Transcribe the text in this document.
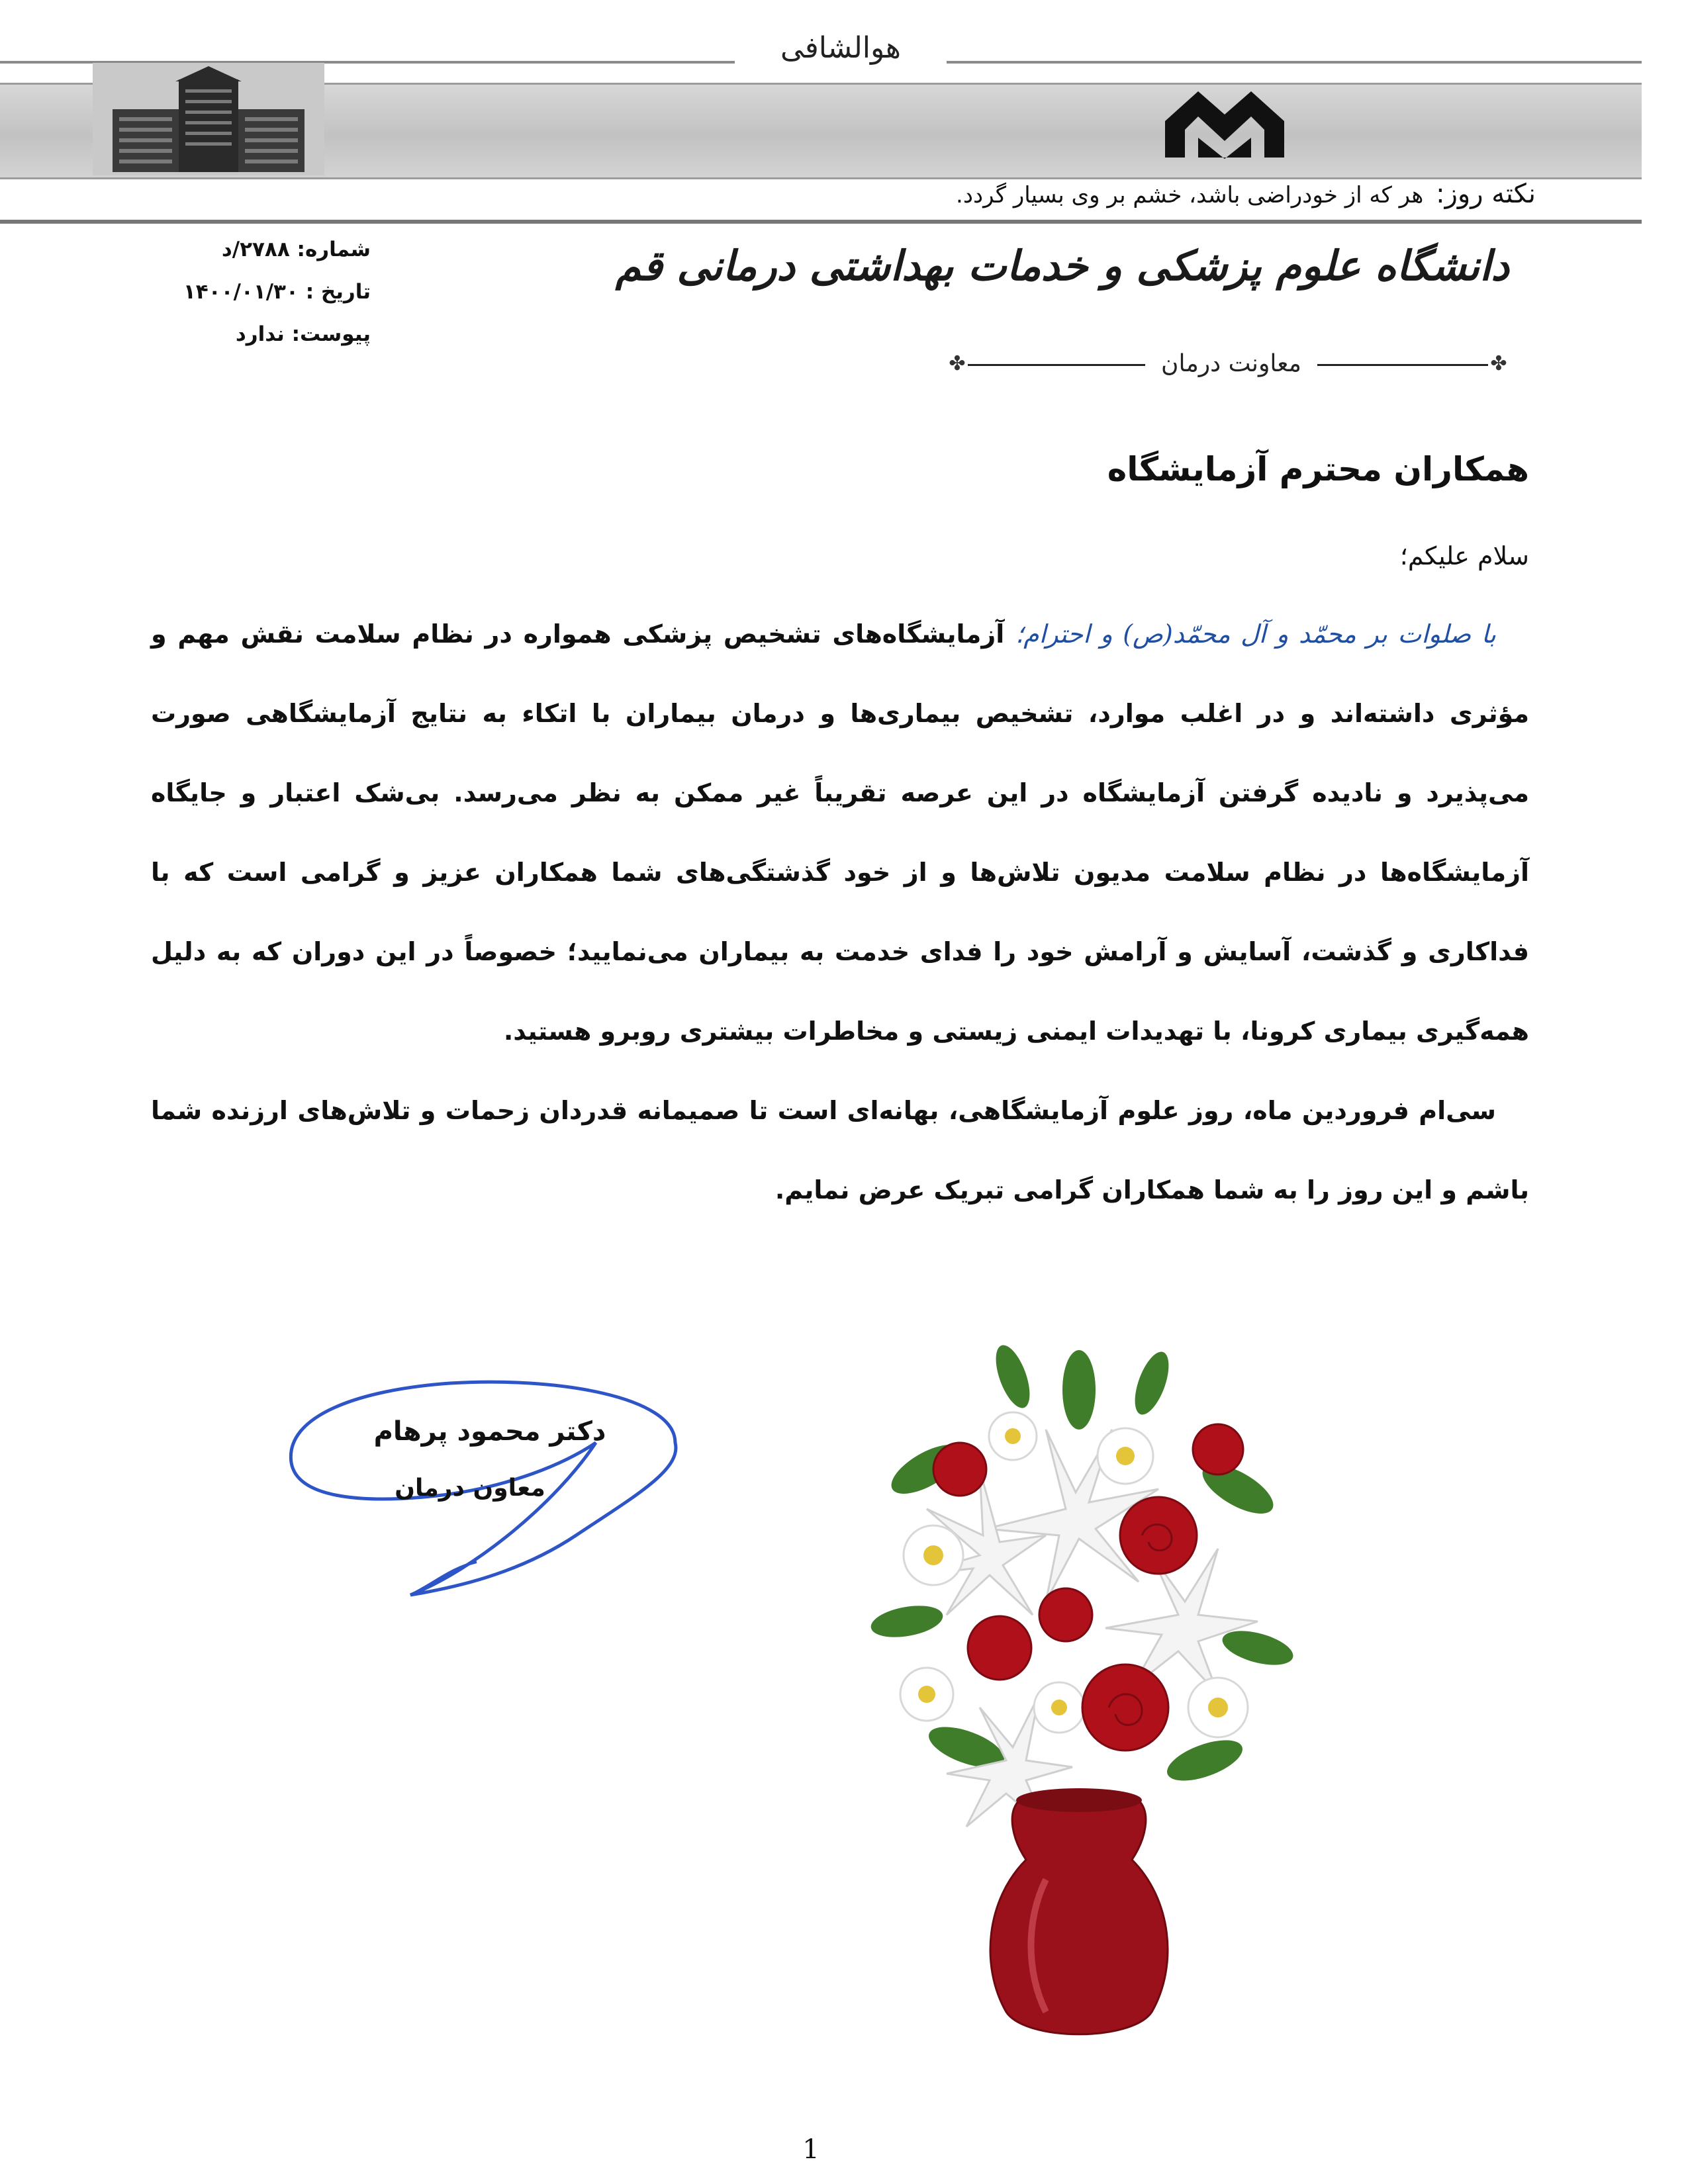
هوالشافی
نکته روز: هر که از خودراضی باشد، خشم بر وی بسیار گردد.
شماره: ۲۷۸۸/د
تاریخ : ۱۴۰۰/۰۱/۳۰
پیوست: ندارد
دانشگاه علوم پزشکی و خدمات بهداشتی درمانی قم
✤
✤	معاونت درمان
همکاران محترم آزمایشگاه
سلام علیکم؛
با صلوات بر محمّد و آل محمّد(ص) و احترام؛ آزمایشگاه‌های تشخیص پزشکی همواره در نظام سلامت نقش مهم و مؤثری داشته‌اند و در اغلب موارد، تشخیص بیماری‌ها و درمان بیماران با اتکاء به نتایج آزمایشگاهی صورت می‌پذیرد و نادیده گرفتن آزمایشگاه در این عرصه تقریباً غیر ممکن به نظر می‌رسد. بی‌شک اعتبار و جایگاه آزمایشگاه‌ها در نظام سلامت مدیون تلاش‌ها و از خود گذشتگی‌های شما همکاران عزیز و گرامی است که با فداکاری و گذشت، آسایش و آرامش خود را فدای خدمت به بیماران می‌نمایید؛ خصوصاً در این دوران که به دلیل همه‌گیری بیماری کرونا، با تهدیدات ایمنی زیستی و مخاطرات بیشتری روبرو هستید.
سی‌ام فروردین ماه، روز علوم آزمایشگاهی، بهانه‌ای است تا صمیمانه قدردان زحمات و تلاش‌های ارزنده شما باشم و این روز را به شما همکاران گرامی تبریک عرض نمایم.
دکتر محمود پرهام
معاون درمان
1
